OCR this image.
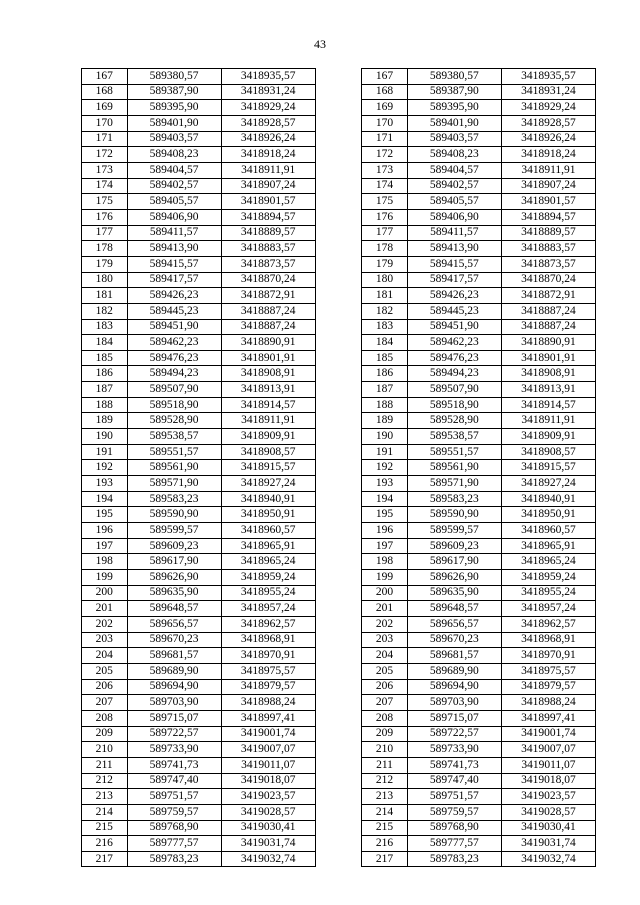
43
167	589380,57	3418935,57		167	589380,57	3418935,57
168	589387,90	3418931,24		168	589387,90	3418931,24
169	589395,90	3418929,24		169	589395,90	3418929,24
170	589401,90	3418928,57		170	589401,90	3418928,57
171	589403,57	3418926,24		171	589403,57	3418926,24
172	589408,23	3418918,24		172	589408,23	3418918,24
173	589404,57	3418911,91		173	589404,57	3418911,91
174	589402,57	3418907,24		174	589402,57	3418907,24
175	589405,57	3418901,57		175	589405,57	3418901,57
176	589406,90	3418894,57		176	589406,90	3418894,57
177	589411,57	3418889,57		177	589411,57	3418889,57
178	589413,90	3418883,57		178	589413,90	3418883,57
179	589415,57	3418873,57		179	589415,57	3418873,57
180	589417,57	3418870,24		180	589417,57	3418870,24
181	589426,23	3418872,91		181	589426,23	3418872,91
182	589445,23	3418887,24		182	589445,23	3418887,24
183	589451,90	3418887,24		183	589451,90	3418887,24
184	589462,23	3418890,91		184	589462,23	3418890,91
185	589476,23	3418901,91		185	589476,23	3418901,91
186	589494,23	3418908,91		186	589494,23	3418908,91
187	589507,90	3418913,91		187	589507,90	3418913,91
188	589518,90	3418914,57		188	589518,90	3418914,57
189	589528,90	3418911,91		189	589528,90	3418911,91
190	589538,57	3418909,91		190	589538,57	3418909,91
191	589551,57	3418908,57		191	589551,57	3418908,57
192	589561,90	3418915,57		192	589561,90	3418915,57
193	589571,90	3418927,24		193	589571,90	3418927,24
194	589583,23	3418940,91		194	589583,23	3418940,91
195	589590,90	3418950,91		195	589590,90	3418950,91
196	589599,57	3418960,57		196	589599,57	3418960,57
197	589609,23	3418965,91		197	589609,23	3418965,91
198	589617,90	3418965,24		198	589617,90	3418965,24
199	589626,90	3418959,24		199	589626,90	3418959,24
200	589635,90	3418955,24		200	589635,90	3418955,24
201	589648,57	3418957,24		201	589648,57	3418957,24
202	589656,57	3418962,57		202	589656,57	3418962,57
203	589670,23	3418968,91		203	589670,23	3418968,91
204	589681,57	3418970,91		204	589681,57	3418970,91
205	589689,90	3418975,57		205	589689,90	3418975,57
206	589694,90	3418979,57		206	589694,90	3418979,57
207	589703,90	3418988,24		207	589703,90	3418988,24
208	589715,07	3418997,41		208	589715,07	3418997,41
209	589722,57	3419001,74		209	589722,57	3419001,74
210	589733,90	3419007,07		210	589733,90	3419007,07
211	589741,73	3419011,07		211	589741,73	3419011,07
212	589747,40	3419018,07		212	589747,40	3419018,07
213	589751,57	3419023,57		213	589751,57	3419023,57
214	589759,57	3419028,57		214	589759,57	3419028,57
215	589768,90	3419030,41		215	589768,90	3419030,41
216	589777,57	3419031,74		216	589777,57	3419031,74
217	589783,23	3419032,74		217	589783,23	3419032,74
